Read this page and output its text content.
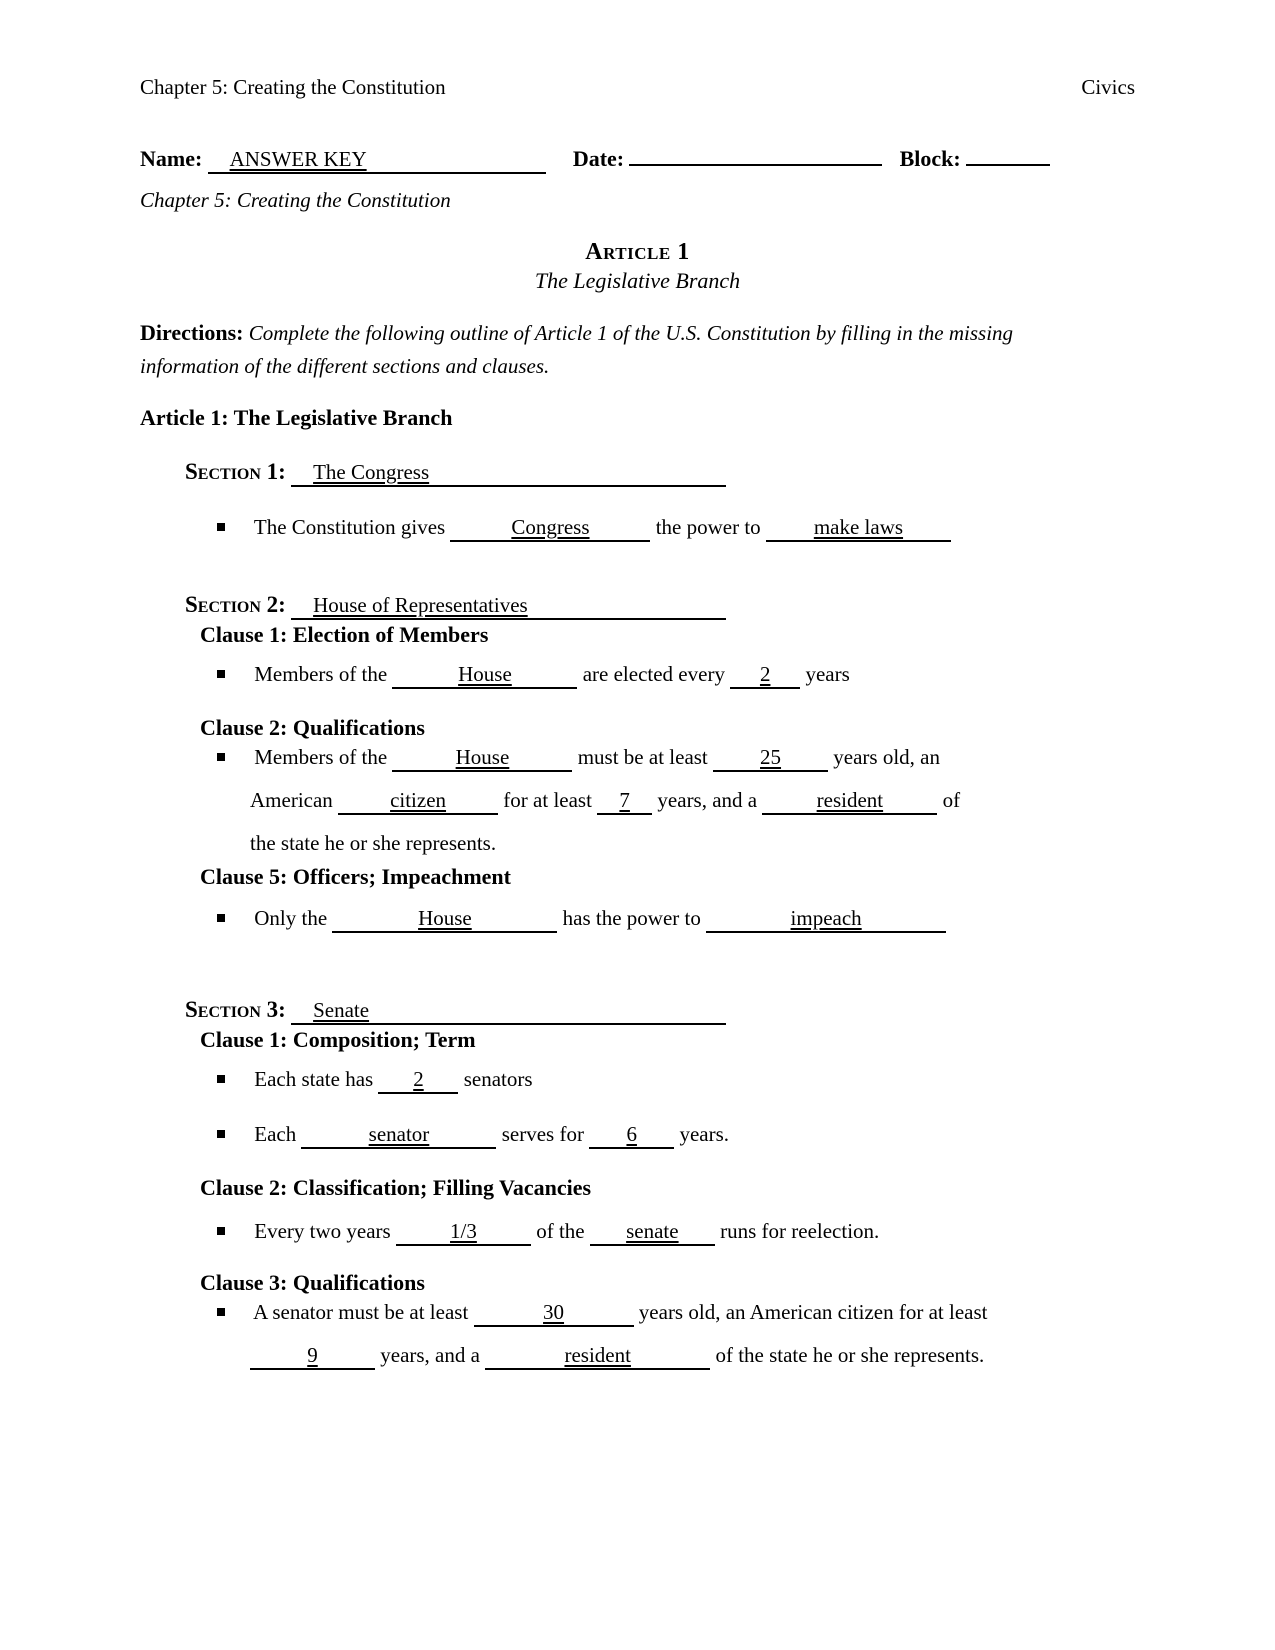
Chapter 5: Creating the Constitution	Civics
Name: ANSWER KEY	Date:	Block:
Chapter 5: Creating the Constitution
Article 1
The Legislative Branch
Directions: Complete the following outline of Article 1 of the U.S. Constitution by filling in the missing information of the different sections and clauses.
Article 1: The Legislative Branch
Section 1: The Congress
The Constitution gives	Congress	the power to	make laws
Section 2: House of Representatives
Clause 1: Election of Members
Members of the	House	are elected every 2 years
Clause 2: Qualifications
Members of the	House	must be at least 25 years old, an
American	citizen	for at least 7 years, and a	resident	of
the state he or she represents.
Clause 5: Officers; Impeachment
Only the	House	has the power to	impeach
Section 3: Senate
Clause 1: Composition; Term
Each state has 2 senators
Each	senator	serves for 6 years.
Clause 2: Classification; Filling Vacancies
Every two years	1/3	of the senate runs for reelection.
Clause 3: Qualifications
A senator must be at least	30	years old, an American citizen for at least
9	years, and a	resident	of the state he or she represents.
